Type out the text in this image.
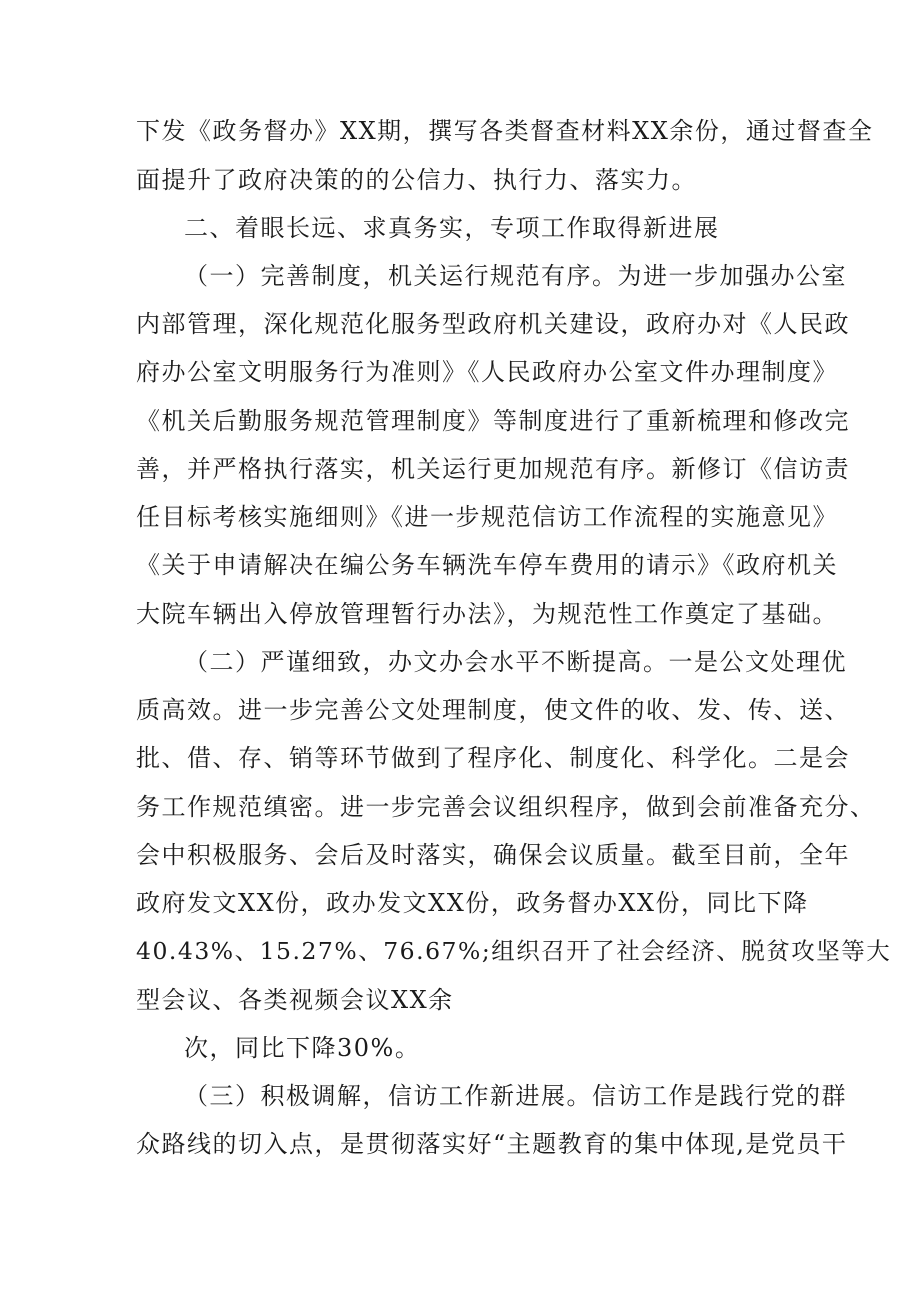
下发《政务督办》XX期，撰写各类督查材料XX余份，通过督查全
面提升了政府决策的的公信力、执行力、落实力。
二、着眼长远、求真务实，专项工作取得新进展
（一）完善制度，机关运行规范有序。为进一步加强办公室
内部管理，深化规范化服务型政府机关建设，政府办对《人民政
府办公室文明服务行为准则》《人民政府办公室文件办理制度》
《机关后勤服务规范管理制度》等制度进行了重新梳理和修改完
善，并严格执行落实，机关运行更加规范有序。新修订《信访责
任目标考核实施细则》《进一步规范信访工作流程的实施意见》
《关于申请解决在编公务车辆洗车停车费用的请示》《政府机关
大院车辆出入停放管理暂行办法》，为规范性工作奠定了基础。
（二）严谨细致，办文办会水平不断提高。一是公文处理优
质高效。进一步完善公文处理制度，使文件的收、发、传、送、
批、借、存、销等环节做到了程序化、制度化、科学化。二是会
务工作规范缜密。进一步完善会议组织程序，做到会前准备充分、
会中积极服务、会后及时落实，确保会议质量。截至目前，全年
政府发文XX份，政办发文XX份，政务督办XX份，同比下降
40.43%、15.27%、76.67%;组织召开了社会经济、脱贫攻坚等大
型会议、各类视频会议XX余
次，同比下降30%。
（三）积极调解，信访工作新进展。信访工作是践行党的群
众路线的切入点，是贯彻落实好“主题教育的集中体现,是党员干
